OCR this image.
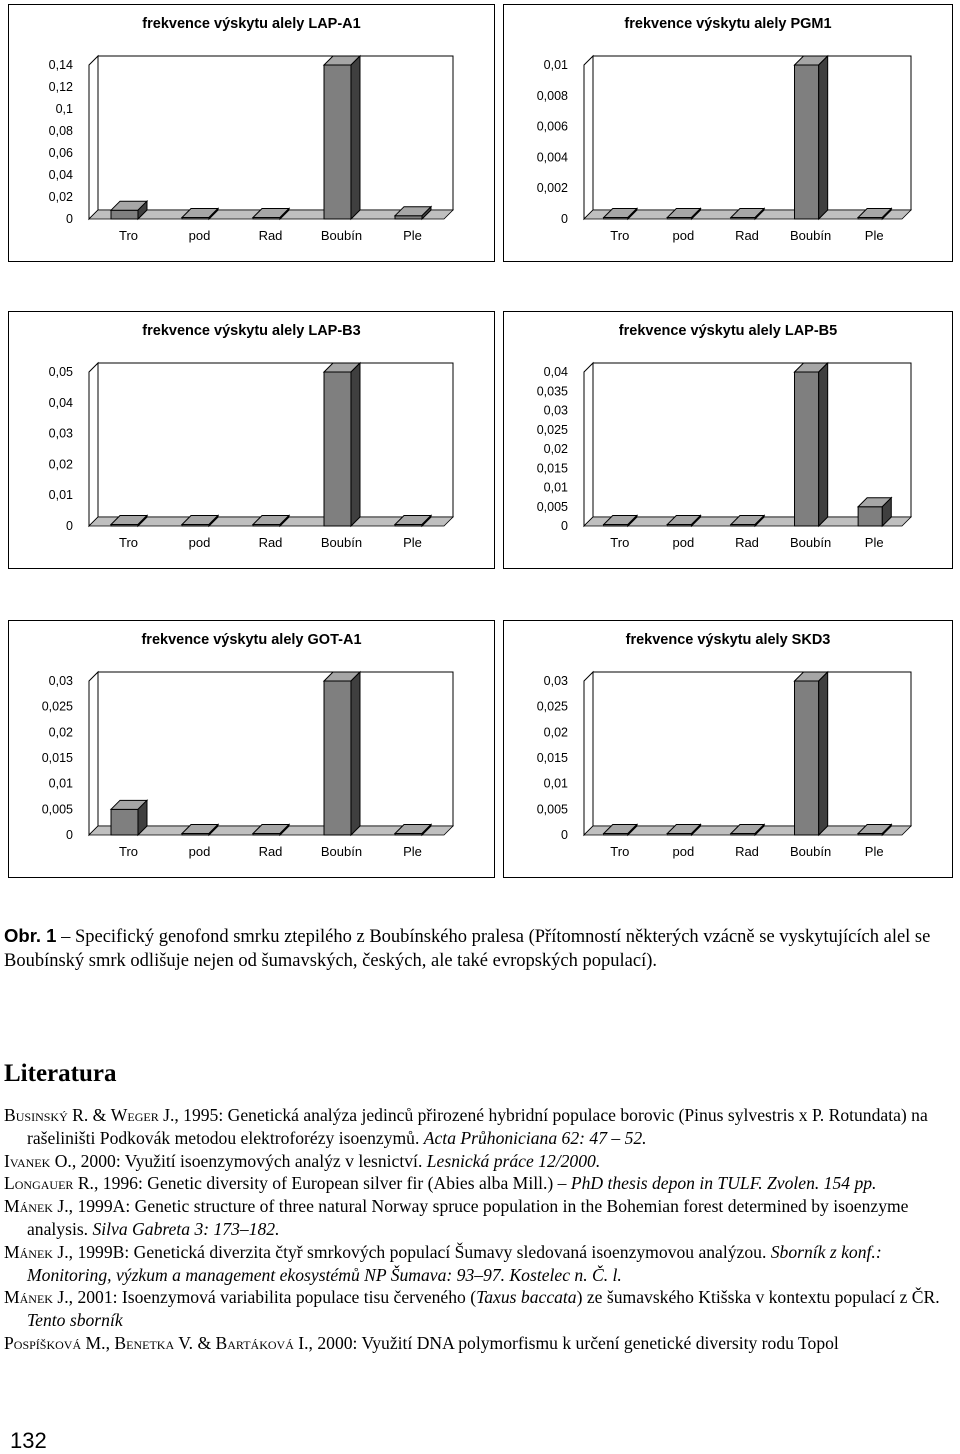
frekvence výskytu alely LAP-A1
0
0,02
0,04
0,06
0,08
0,1
0,12
0,14
Tro	pod	Rad	Boubín	Ple
frekvence výskytu alely PGM1
0
0,002
0,004
0,006
0,008
0,01
Tro	pod	Rad Boubín	Ple
frekvence výskytu alely LAP-B3
0
0,01
0,02
0,03
0,04
0,05
Tro	pod	Rad	Boubín	Ple
frekvence výskytu alely LAP-B5
0
0,005
0,01
0,015
0,02
0,025
0,03
0,035
0,04
Tro	pod	Rad Boubín	Ple
frekvence výskytu alely GOT-A1
0
0,005
0,01
0,015
0,02
0,025
0,03
Tro	pod	Rad	Boubín	Ple
frekvence výskytu alely SKD3
0
0,005
0,01
0,015
0,02
0,025
0,03
Tro	pod	Rad Boubín	Ple
Obr. 1 – Specifický genofond smrku ztepilého z Boubínského pralesa (Přítomností některých vzácně se vyskytujících alel se Boubínský smrk odlišuje nejen od šumavských, českých, ale také evropských populací).
Literatura

Businský R. & Weger J., 1995: Genetická analýza jedinců přirozené hybridní populace borovic (Pinus sylvestris x P. Rotundata) na rašeliništi Podkovák metodou elektroforézy isoenzymů. Acta Průhoniciana 62: 47 – 52.

Ivanek O., 2000: Využití isoenzymových analýz v lesnictví. Lesnická práce 12/2000.

Longauer R., 1996: Genetic diversity of European silver fir (Abies alba Mill.) – PhD thesis depon in TULF. Zvolen. 154 pp.

Mánek J., 1999A: Genetic structure of three natural Norway spruce population in the Bohemian forest determined by isoenzyme analysis. Silva Gabreta 3: 173–182.

Mánek J., 1999B: Genetická diverzita čtyř smrkových populací Šumavy sledovaná isoenzymovou analýzou. Sborník z konf.: Monitoring, výzkum a management ekosystémů NP Šumava: 93–97. Kostelec n. Č. l.

Mánek J., 2001: Isoenzymová variabilita populace tisu červeného (Taxus baccata) ze šumavského Ktišska v kontextu populací z ČR. Tento sborník

Pospíšková M., Benetka V. & Bartáková I., 2000: Využití DNA polymorfismu k určení genetické diversity rodu Topol

132
